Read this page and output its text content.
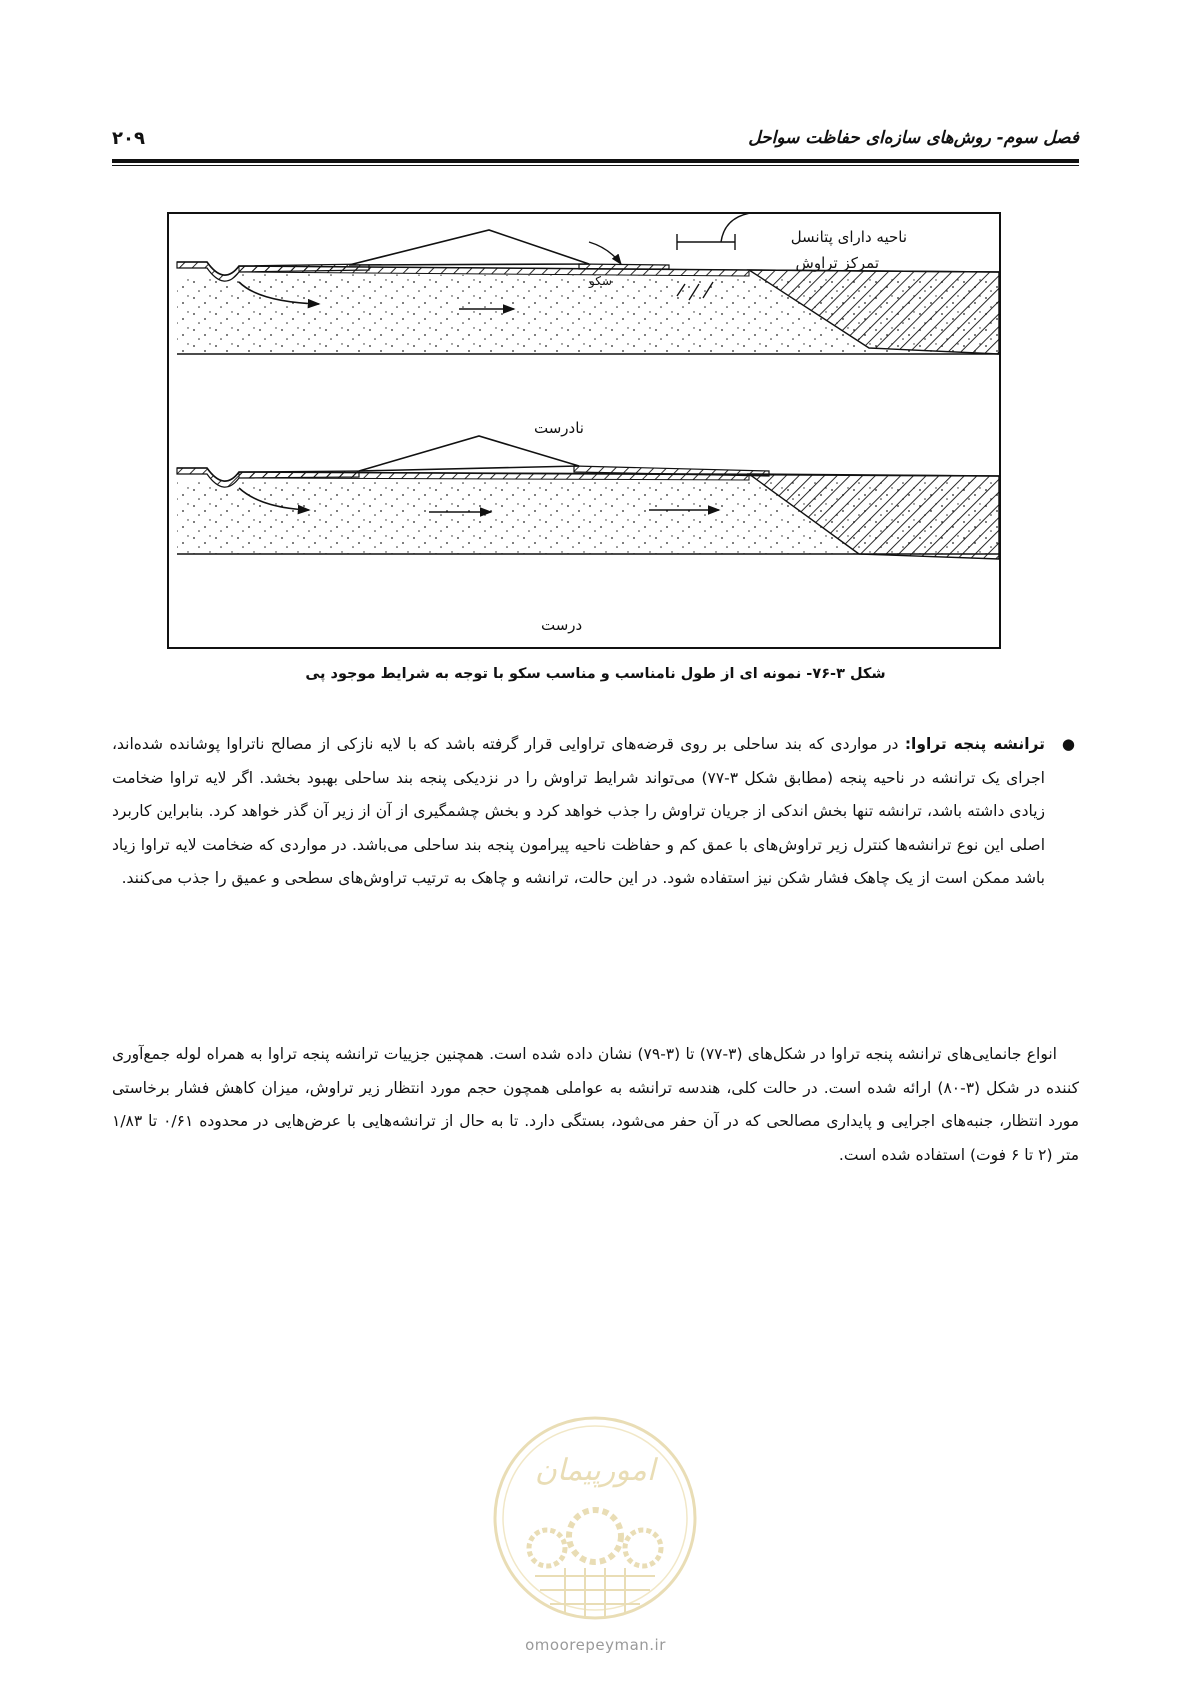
فصل سوم- روش‌های سازه‌ای حفاظت سواحل
۲۰۹
ناحیه دارای پتانسل
تمرکز تراوش
سکو
نادرست
درست
شکل ۳-۷۶- نمونه ای از طول نامناسب و مناسب سکو با توجه به شرایط موجود پی
●
ترانشه پنجه تراوا: در مواردی که بند ساحلی بر روی قرضه‌های تراوایی قرار گرفته باشد که با لایه نازکی از مصالح ناتراوا پوشانده شده‌اند، اجرای یک ترانشه در ناحیه پنجه (مطابق شکل ۳-۷۷) می‌تواند شرایط تراوش را در نزدیکی پنجه بند ساحلی بهبود بخشد. اگر لایه تراوا ضخامت زیادی داشته باشد، ترانشه تنها بخش اندکی از جریان تراوش را جذب خواهد کرد و بخش چشمگیری از آن از زیر آن گذر خواهد کرد. بنابراین کاربرد اصلی این نوع ترانشه‌ها کنترل زیر تراوش‌های با عمق کم و حفاظت ناحیه پیرامون پنجه بند ساحلی می‌باشد. در مواردی که ضخامت لایه تراوا زیاد باشد ممکن است از یک چاهک فشار شکن نیز استفاده شود. در این حالت، ترانشه و چاهک به ترتیب تراوش‌های سطحی و عمیق را جذب می‌کنند.
انواع جانمایی‌های ترانشه پنجه تراوا در شکل‌های (۳-۷۷) تا (۳-۷۹) نشان داده شده است. همچنین جزییات ترانشه پنجه تراوا به همراه لوله جمع‌آوری کننده در شکل (۳-۸۰) ارائه شده است. در حالت کلی، هندسه ترانشه به عواملی همچون حجم مورد انتظار زیر تراوش، میزان کاهش فشار برخاستی مورد انتظار، جنبه‌های اجرایی و پایداری مصالحی که در آن حفر می‌شود، بستگی دارد. تا به حال از ترانشه‌هایی با عرض‌هایی در محدوده ۰/۶۱ تا ۱/۸۳ متر (۲ تا ۶ فوت) استفاده شده است.
امورپیمان
omoorepeyman.ir
